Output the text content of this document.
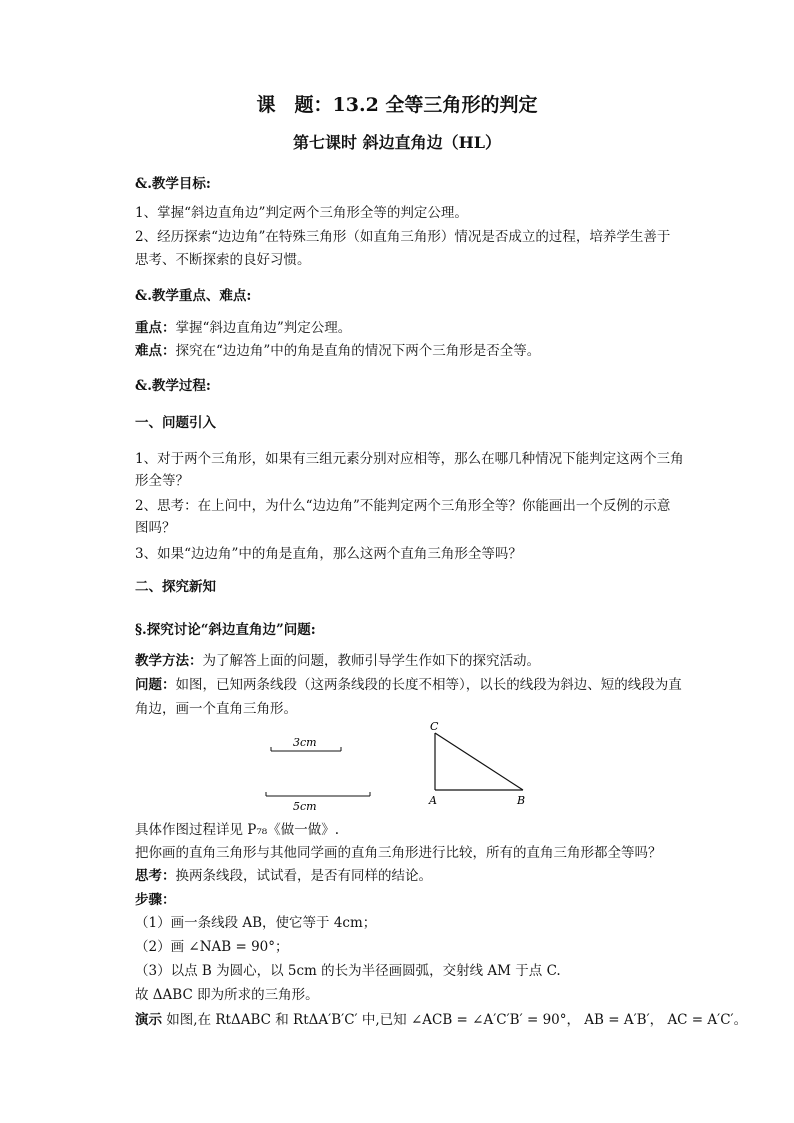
课　题：13.2 全等三角形的判定
第七课时 斜边直角边（HL）
&.教学目标:
1、掌握“斜边直角边”判定两个三角形全等的判定公理。
2、经历探索“边边角”在特殊三角形（如直角三角形）情况是否成立的过程，培养学生善于
思考、不断探索的良好习惯。
&.教学重点、难点:
重点：掌握“斜边直角边”判定公理。
难点：探究在“边边角”中的角是直角的情况下两个三角形是否全等。
&.教学过程:
一、问题引入
1、对于两个三角形，如果有三组元素分别对应相等，那么在哪几种情况下能判定这两个三角
形全等？
2、思考：在上问中，为什么“边边角”不能判定两个三角形全等？你能画出一个反例的示意
图吗？
3、如果“边边角”中的角是直角，那么这两个直角三角形全等吗？
二、探究新知
§.探究讨论“斜边直角边”问题:
教学方法：为了解答上面的问题，教师引导学生作如下的探究活动。
问题：如图，已知两条线段（这两条线段的长度不相等），以长的线段为斜边、短的线段为直
角边，画一个直角三角形。
3cm
5cm
C
A	B
具体作图过程详见 P₇₈《做一做》.
把你画的直角三角形与其他同学画的直角三角形进行比较，所有的直角三角形都全等吗？
思考：换两条线段，试试看，是否有同样的结论。
步骤：
（1）画一条线段 AB，使它等于 4cm；
（2）画 ∠NAB = 90°；
（3）以点 B 为圆心，以 5cm 的长为半径画圆弧，交射线 AM 于点 C.
故 ΔABC 即为所求的三角形。
演示 如图,在 RtΔABC 和 RtΔA′B′C′ 中,已知 ∠ACB = ∠A′C′B′ = 90°， AB = A′B′， AC = A′C′。
